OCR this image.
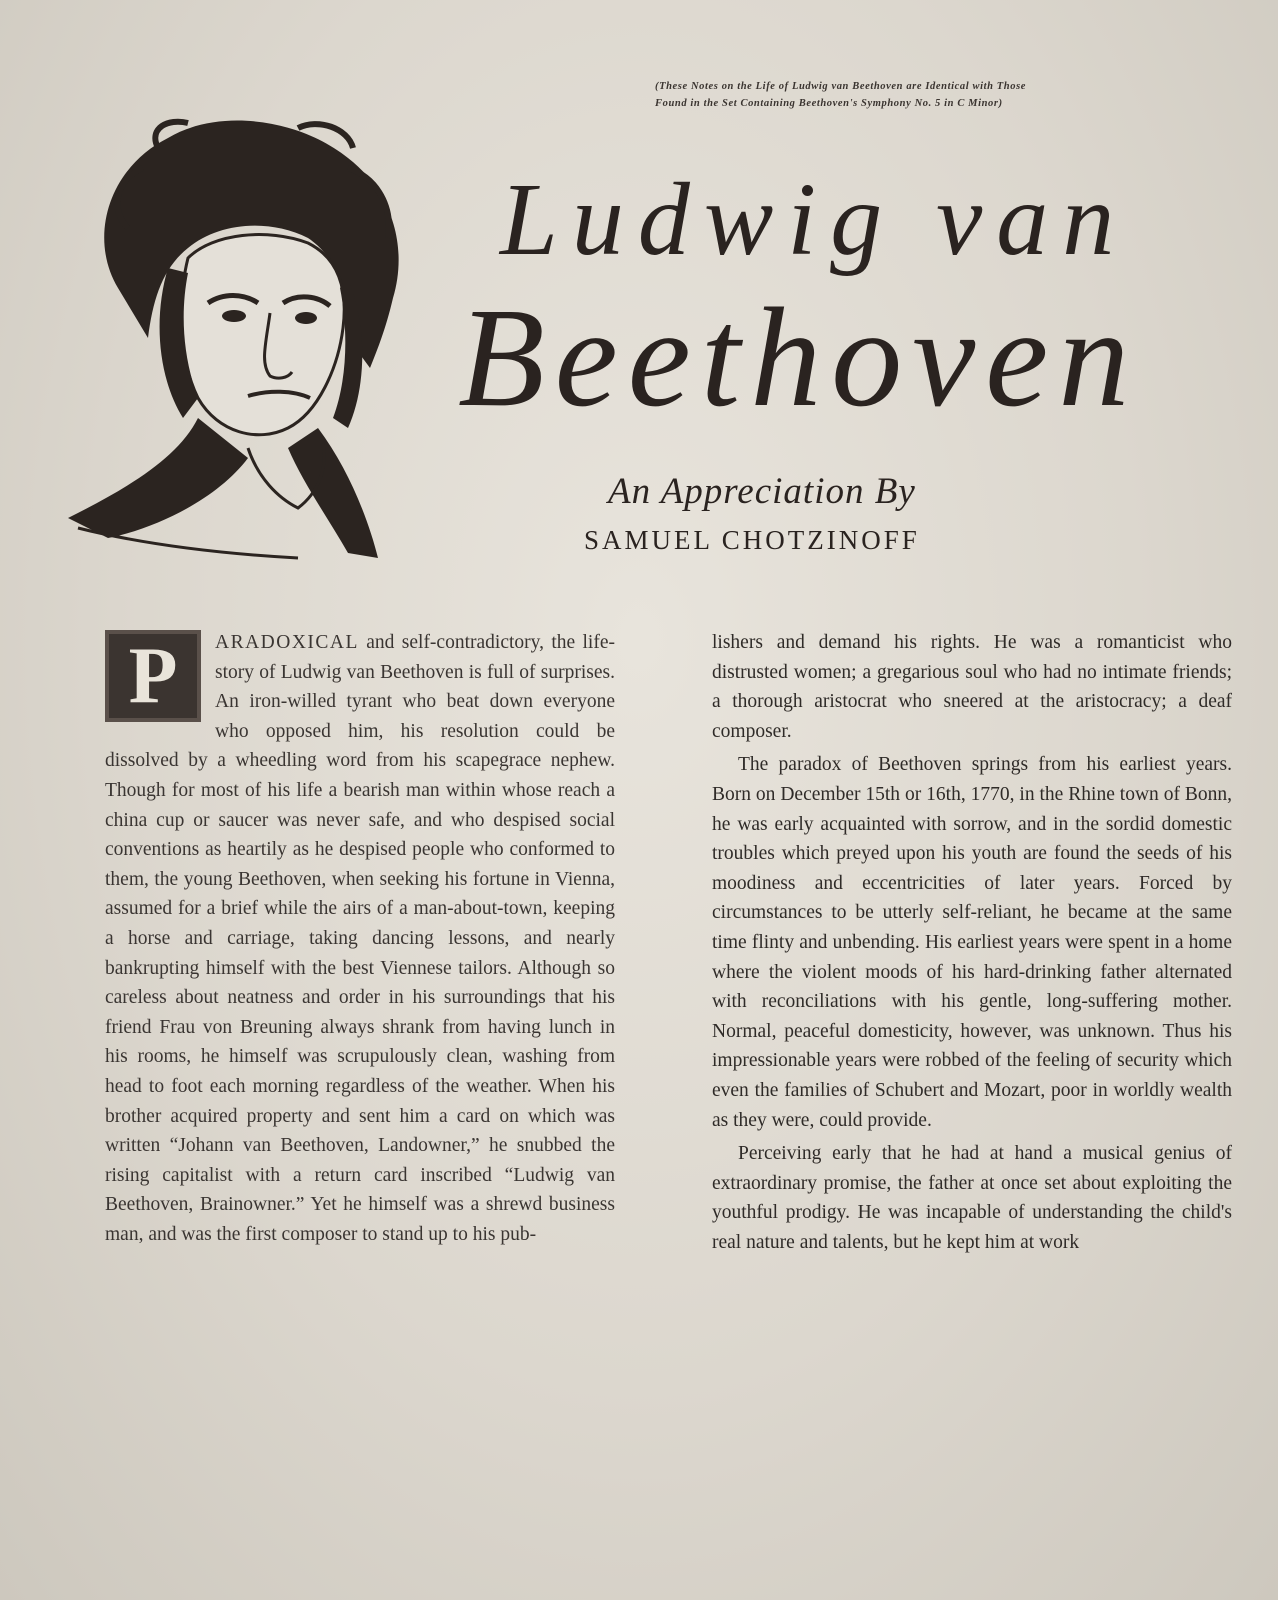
(These Notes on the Life of Ludwig van Beethoven are Identical with Those Found in the Set Containing Beethoven's Symphony No. 5 in C Minor)
Ludwig van
Beethoven
An Appreciation By
SAMUEL CHOTZINOFF
P	ARADOXICAL and self-contradictory, the life-story of Ludwig van Beethoven is full of surprises. An iron-willed tyrant who beat down everyone who opposed him, his resolution could be dissolved by a wheedling word from his scapegrace nephew. Though for most of his life a bearish man within whose reach a china cup or saucer was never safe, and who despised social conventions as heartily as he despised people who conformed to them, the young Beethoven, when seeking his fortune in Vienna, assumed for a brief while the airs of a man-about-town, keeping a horse and carriage, taking dancing lessons, and nearly bankrupting himself with the best Viennese tailors. Although so careless about neatness and order in his surroundings that his friend Frau von Breuning always shrank from having lunch in his rooms, he himself was scrupulously clean, washing from head to foot each morning regardless of the weather. When his brother acquired property and sent him a card on which was written “Johann van Beethoven, Landowner,” he snubbed the rising capitalist with a return card inscribed “Ludwig van Beethoven, Brainowner.” Yet he himself was a shrewd business man, and was the first composer to stand up to his pub-

lishers and demand his rights. He was a romanticist who distrusted women; a gregarious soul who had no intimate friends; a thorough aristocrat who sneered at the aristocracy; a deaf composer.

The paradox of Beethoven springs from his earliest years. Born on December 15th or 16th, 1770, in the Rhine town of Bonn, he was early acquainted with sorrow, and in the sordid domestic troubles which preyed upon his youth are found the seeds of his moodiness and eccentricities of later years. Forced by circumstances to be utterly self-reliant, he became at the same time flinty and unbending. His earliest years were spent in a home where the violent moods of his hard-drinking father alternated with reconciliations with his gentle, long-suffering mother. Normal, peaceful domesticity, however, was unknown. Thus his impressionable years were robbed of the feeling of security which even the families of Schubert and Mozart, poor in worldly wealth as they were, could provide.

Perceiving early that he had at hand a musical genius of extraordinary promise, the father at once set about exploiting the youthful prodigy. He was incapable of understanding the child's real nature and talents, but he kept him at work
